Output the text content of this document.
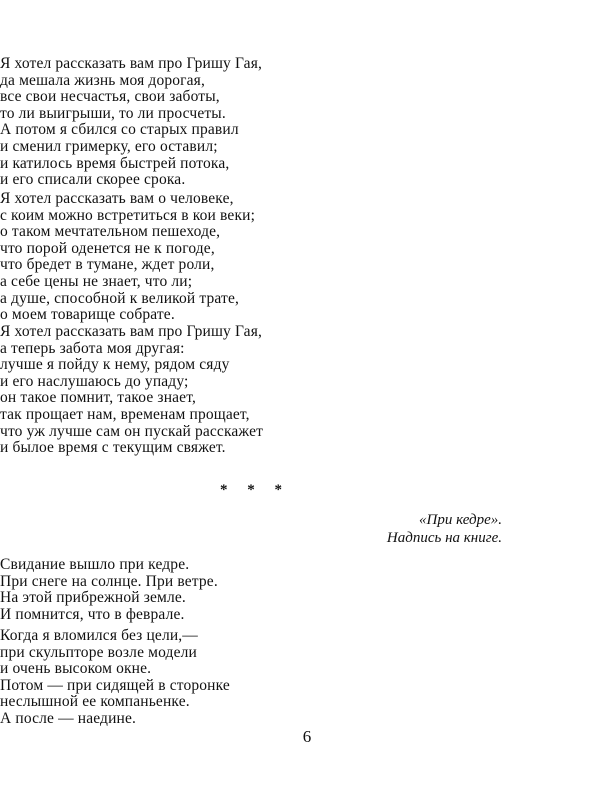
Я хотел рассказать вам про Гришу Гая,
да мешала жизнь моя дорогая,
все свои несчастья, свои заботы,
то ли выигрыши, то ли просчеты.
А потом я сбился со старых правил
и сменил гримерку, его оставил;
и катилось время быстрей потока,
и его списали скорее срока.
Я хотел рассказать вам о человеке,
с коим можно встретиться в кои веки;
о таком мечтательном пешеходе,
что порой оденется не к погоде,
что бредет в тумане, ждет роли,
а себе цены не знает, что ли;
а душе, способной к великой трате,
о моем товарище собрате.
Я хотел рассказать вам про Гришу Гая,
а теперь забота моя другая:
лучше я пойду к нему, рядом сяду
и его наслушаюсь до упаду;
он такое помнит, такое знает,
так прощает нам, временам прощает,
что уж лучше сам он пускай расскажет
и былое время с текущим свяжет.
* * *
«При кедре».
Надпись на книге.
Свидание вышло при кедре.
При снеге на солнце. При ветре.
На этой прибрежной земле.
И помнится, что в феврале.
Когда я вломился без цели,—
при скульпторе возле модели
и очень высоком окне.
Потом — при сидящей в сторонке
неслышной ее компаньенке.
А после — наедине.
6
